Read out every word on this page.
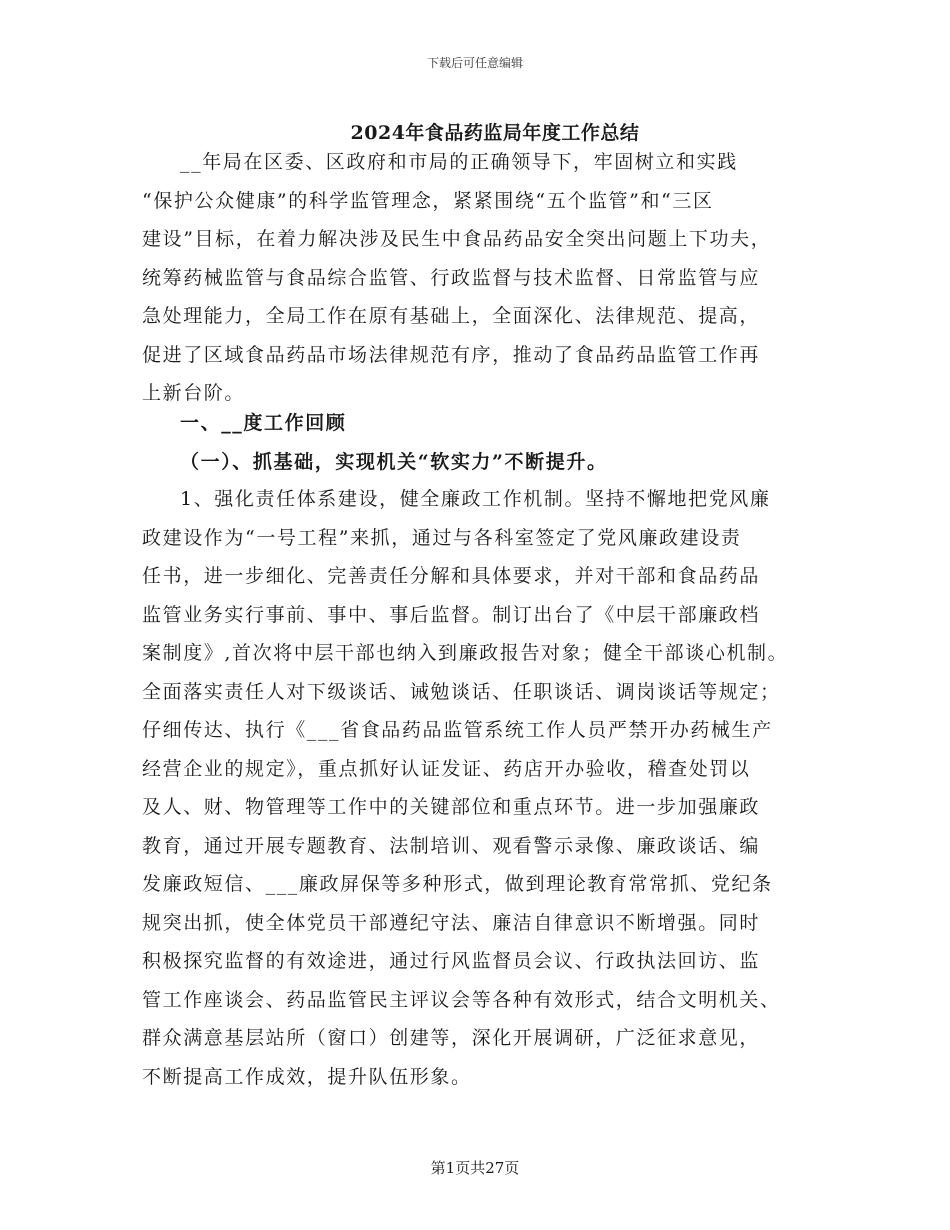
下载后可任意编辑
2024年食品药监局年度工作总结
__年局在区委、区政府和市局的正确领导下，牢固树立和实践
“保护公众健康”的科学监管理念，紧紧围绕“五个监管”和“三区
建设”目标，在着力解决涉及民生中食品药品安全突出问题上下功夫，
统筹药械监管与食品综合监管、行政监督与技术监督、日常监管与应
急处理能力，全局工作在原有基础上，全面深化、法律规范、提高，
促进了区域食品药品市场法律规范有序，推动了食品药品监管工作再
上新台阶。
一、__度工作回顾
（一）、抓基础，实现机关“软实力”不断提升。
1、强化责任体系建设，健全廉政工作机制。坚持不懈地把党风廉
政建设作为“一号工程”来抓，通过与各科室签定了党风廉政建设责
任书，进一步细化、完善责任分解和具体要求，并对干部和食品药品
监管业务实行事前、事中、事后监督。制订出台了《中层干部廉政档
案制度》,首次将中层干部也纳入到廉政报告对象；健全干部谈心机制。
全面落实责任人对下级谈话、诫勉谈话、任职谈话、调岗谈话等规定；
仔细传达、执行《___省食品药品监管系统工作人员严禁开办药械生产
经营企业的规定》，重点抓好认证发证、药店开办验收，稽查处罚以
及人、财、物管理等工作中的关键部位和重点环节。进一步加强廉政
教育，通过开展专题教育、法制培训、观看警示录像、廉政谈话、编
发廉政短信、___廉政屏保等多种形式，做到理论教育常常抓、党纪条
规突出抓，使全体党员干部遵纪守法、廉洁自律意识不断增强。同时
积极探究监督的有效途进，通过行风监督员会议、行政执法回访、监
管工作座谈会、药品监管民主评议会等各种有效形式，结合文明机关、
群众满意基层站所（窗口）创建等，深化开展调研，广泛征求意见，
不断提高工作成效，提升队伍形象。
第1页共27页
